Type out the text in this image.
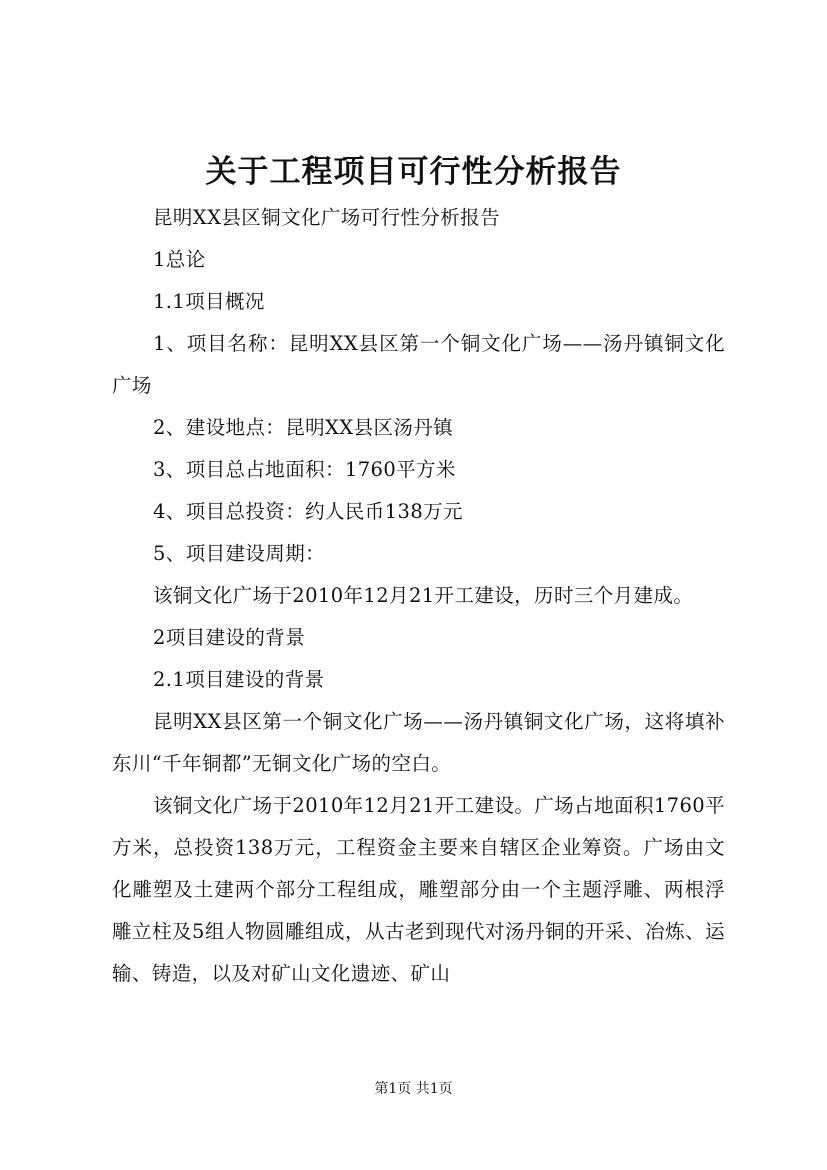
关于工程项目可行性分析报告

昆明XX县区铜文化广场可行性分析报告

1总论

1.1项目概况

1、项目名称：昆明XX县区第一个铜文化广场——汤丹镇铜文化广场

2、建设地点：昆明XX县区汤丹镇

3、项目总占地面积：1760平方米

4、项目总投资：约人民币138万元

5、项目建设周期：

该铜文化广场于2010年12月21开工建设，历时三个月建成。

2项目建设的背景

2.1项目建设的背景

昆明XX县区第一个铜文化广场——汤丹镇铜文化广场，这将填补东川“千年铜都”无铜文化广场的空白。

该铜文化广场于2010年12月21开工建设。广场占地面积1760平方米，总投资138万元，工程资金主要来自辖区企业筹资。广场由文化雕塑及土建两个部分工程组成，雕塑部分由一个主题浮雕、两根浮雕立柱及5组人物圆雕组成，从古老到现代对汤丹铜的开采、冶炼、运输、铸造，以及对矿山文化遗迹、矿山

第1页 共1页
